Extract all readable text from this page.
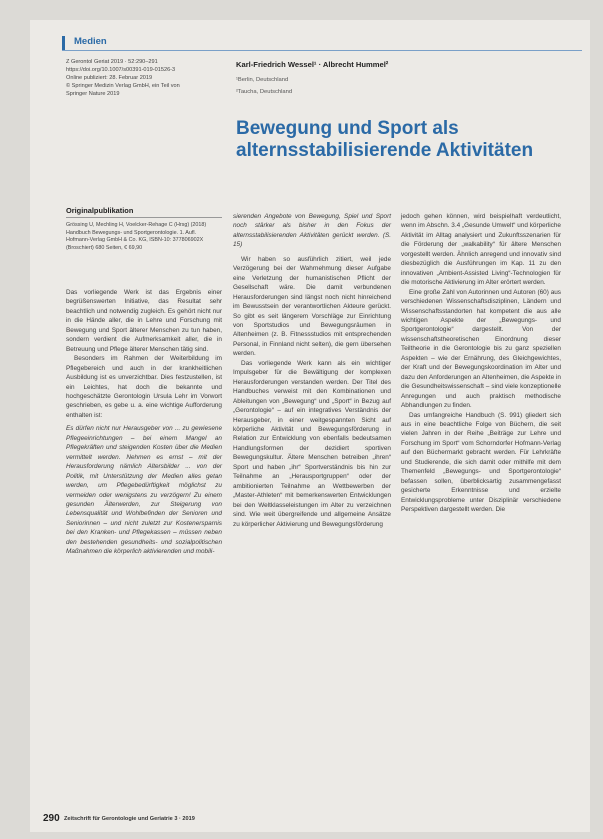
Medien
Z Gerontol Geriat 2019 · 52:290–291
https://doi.org/10.1007/s00391-019-01526-3
Online publiziert: 28. Februar 2019
© Springer Medizin Verlag GmbH, ein Teil von
Springer Nature 2019
Karl-Friedrich Wessel¹ · Albrecht Hummel²
¹Berlin, Deutschland
²Taucha, Deutschland
Bewegung und Sport als
alternsstabilisierende Aktivitäten
Originalpublikation
Grössing U, Mechling H, Voelcker-Rehage C (Hrsg) (2018) Handbuch Bewegungs- und Sportgerontologie. 1. Aufl. Hofmann-Verlag GmbH & Co. KG, ISBN-10: 377806902X (Broschiert) 680 Seiten, € 69,90

Das vorliegende Werk ist das Ergebnis einer begrüßenswerten Initiative, das Resultat sehr beachtlich und notwendig zugleich. Es gehört nicht nur in die Hände aller, die in Lehre und Forschung mit Bewegung und Sport älterer Menschen zu tun haben, sondern verdient die Aufmerksamkeit aller, die in Betreuung und Pflege älterer Menschen tätig sind.

Besonders im Rahmen der Weiterbildung im Pflegebereich und auch in der krankheitlichen Ausbildung ist es unverzichtbar. Dies festzustellen, ist ein Leichtes, hat doch die bekannte und hochgeschätzte Gerontologin Ursula Lehr im Vorwort geschrieben, es gebe u. a. eine wichtige Aufforderung enthalten ist:

Es dürfen nicht nur Herausgeber von ... zu gewiesene Pflegeeinrichtungen – bei einem Mangel an Pflegekräften und steigenden Kosten über die Medien vermittelt werden. Nehmen es ernst – mit der Herausforderung nämlich Altersbilder ... von der Politik, mit Unterstützung der Medien alles getan werden, um Pflegebedürftigkeit möglichst zu vermeiden oder wenigstens zu verzögern! Zu einem gesunden Älterwerden, zur Steigerung von Lebensqualität und Wohlbefinden der Senioren und Seniorinnen – und nicht zuletzt zur Kostenersparnis bei den Kranken- und Pflegekassen – müssen neben den bestehenden gesundheits- und sozialpolitischen Maßnahmen die körperlich aktivierenden und mobili-

sierenden Angebote von Bewegung, Spiel und Sport noch stärker als bisher in den Fokus der alternsstabilisierenden Aktivitäten gerückt werden. (S. 15)

Wir haben so ausführlich zitiert, weil jede Verzögerung bei der Wahrnehmung dieser Aufgabe eine Verletzung der humanistischen Pflicht der Gesellschaft wäre. Die damit verbundenen Herausforderungen sind längst noch nicht hinreichend im Bewusstsein der verantwortlichen Akteure gerückt. So gibt es seit längerem Vorschläge zur Einrichtung von Sportstudios und Bewegungsräumen in Altenheimen (z. B. Fitnessstudios mit entsprechenden Personal, in Finnland nicht selten), die gern übersehen werden.

Das vorliegende Werk kann als ein wichtiger Impulsgeber für die Bewältigung der komplexen Herausforderungen verstanden werden. Der Titel des Handbuches verweist mit den Kombinationen und Ableitungen von „Bewegung“ und „Sport“ in Bezug auf „Gerontologie“ – auf ein integratives Verständnis der Herausgeber, in einer weitgespannten Sicht auf körperliche Aktivität und Bewegungsförderung in Relation zur Entwicklung von ebenfalls bedeutsamen Handlungsformen der dezidiert sportiven Bewegungskultur. Ältere Menschen betreiben „ihren“ Sport und haben „ihr“ Sportverständnis bis hin zur Teilnahme an „Herausportgruppen“ oder der ambitionierten Teilnahme an Wettbewerben der „Master-Athleten“ mit bemerkenswerten Entwicklungen bei den Weltklasseleistungen im Alter zu verzeichnen sind. Wie weit übergreifende und allgemeine Ansätze zu körperlicher Aktivierung und Bewegungsförderung

jedoch gehen können, wird beispielhaft verdeutlicht, wenn im Abschn. 3.4 „Gesunde Umwelt“ und körperliche Aktivität im Alltag analysiert und Zukunftsszenarien für die Förderung der „walkability“ für ältere Menschen vorgestellt werden. Ähnlich anregend und innovativ sind diesbezüglich die Ausführungen im Kap. 11 zu den innovativen „Ambient-Assisted Living“-Technologien für die motorische Aktivierung im Alter erörtert werden.

Eine große Zahl von Autorinnen und Autoren (60) aus verschiedenen Wissenschaftsdisziplinen, Ländern und Wissenschaftsstandorten hat kompetent die aus alle wichtigen Aspekte der „Bewegungs- und Sportgerontologie“ dargestellt. Von der wissenschaftstheoretischen Einordnung dieser Teiltheorie in die Gerontologie bis zu ganz speziellen Aspekten – wie der Ernährung, des Gleichgewichtes, der Kraft und der Bewegungskoordination im Alter und dazu den Anforderungen an Altenheimen, die Aspekte in die Gesundheitswissenschaft – sind viele konzeptionelle Anregungen und auch praktisch methodische Abhandlungen zu finden.

Das umfangreiche Handbuch (S. 991) gliedert sich aus in eine beachtliche Folge von Büchern, die seit vielen Jahren in der Reihe „Beiträge zur Lehre und Forschung im Sport“ vom Schorndorfer Hofmann-Verlag auf den Büchermarkt gebracht werden. Für Lehrkräfte und Studierende, die sich damit oder mithilfe mit dem Themenfeld „Bewegungs- und Sportgerontologie“ befassen sollen, überblicksartig zusammengefasst gesicherte Erkenntnisse und erzielte Entwicklungsprobleme unter Disziplinär verschiedene Perspektiven dargestellt werden. Die

290 Zeitschrift für Gerontologie und Geriatrie 3 · 2019
